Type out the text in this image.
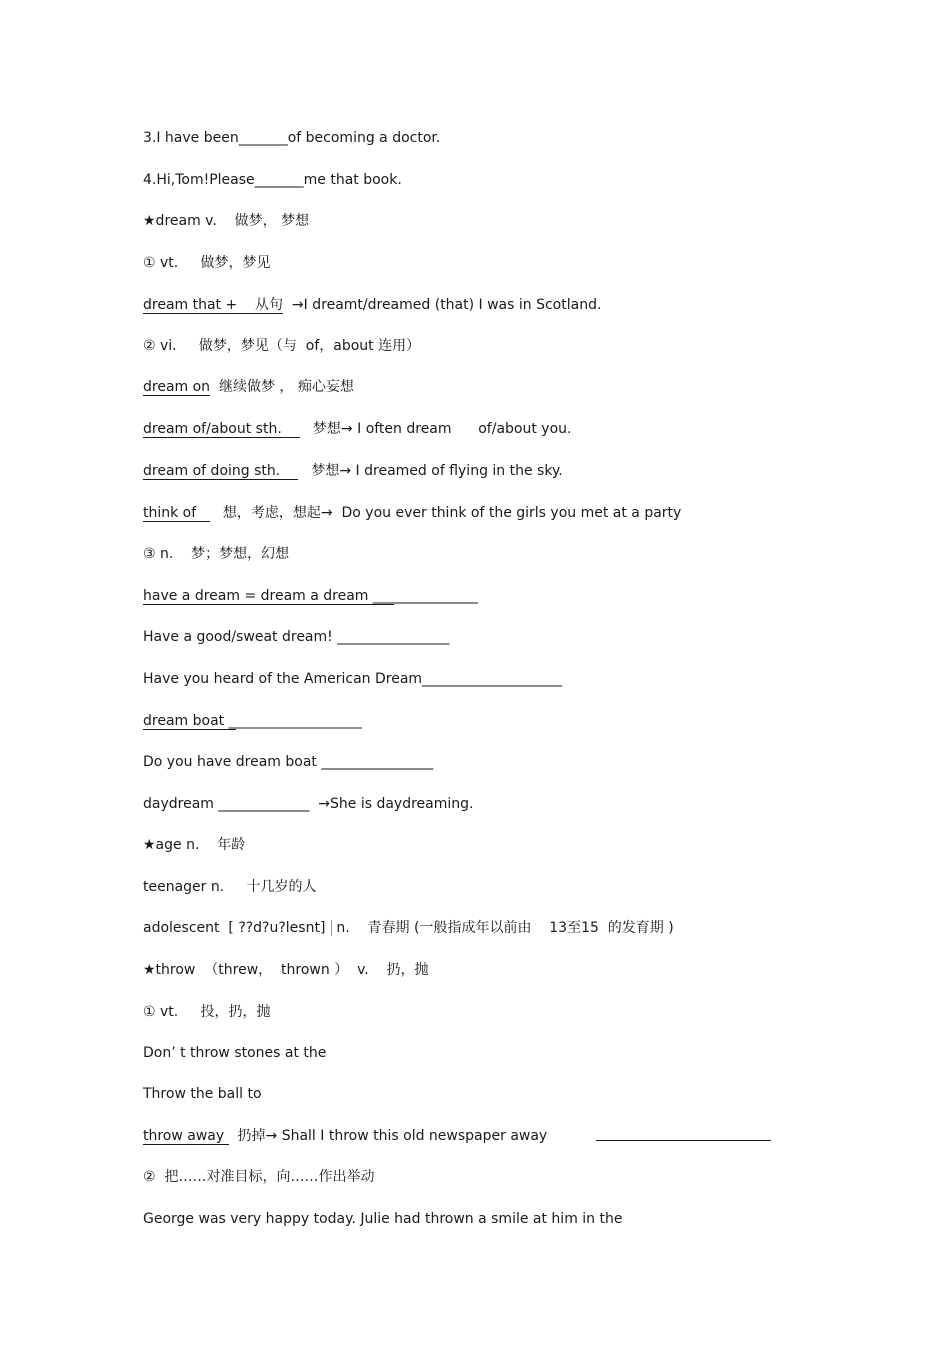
3.I have been_______of becoming a doctor.
4.Hi,Tom!Please_______me that book.
★dream v.    做梦， 梦想
① vt.     做梦，梦见
dream that +    从句  →I dreamt/dreamed (that) I was in Scotland.
② vi.     做梦，梦见（与  of，about 连用）
dream on  继续做梦 ， 痴心妄想
dream of/about sth.       梦想→ I often dream      of/about you.
dream of doing sth.       梦想→ I dreamed of flying in the sky.
think of      想，考虑，想起→  Do you ever think of the girls you met at a party
③ n.    梦；梦想，幻想
have a dream = dream a dream _______________
Have a good/sweat dream! ________________
Have you heard of the American Dream____________________
dream boat ___________________
Do you have dream boat ________________
daydream _____________  →She is daydreaming.
★age n.    年龄
teenager n.     十几岁的人
adolescent  [ ??d?u?lesnt] n.    青春期 (一般指成年以前由    13至15  的发育期 )
★throw  （threw，  thrown ）  v.    扔，抛
① vt.     投，扔，抛
Don’ t throw stones at the
Throw the ball to
throw away   扔掉→ Shall I throw this old newspaper away
②  把……对准目标，向……作出举动
George was very happy today. Julie had thrown a smile at him in the
